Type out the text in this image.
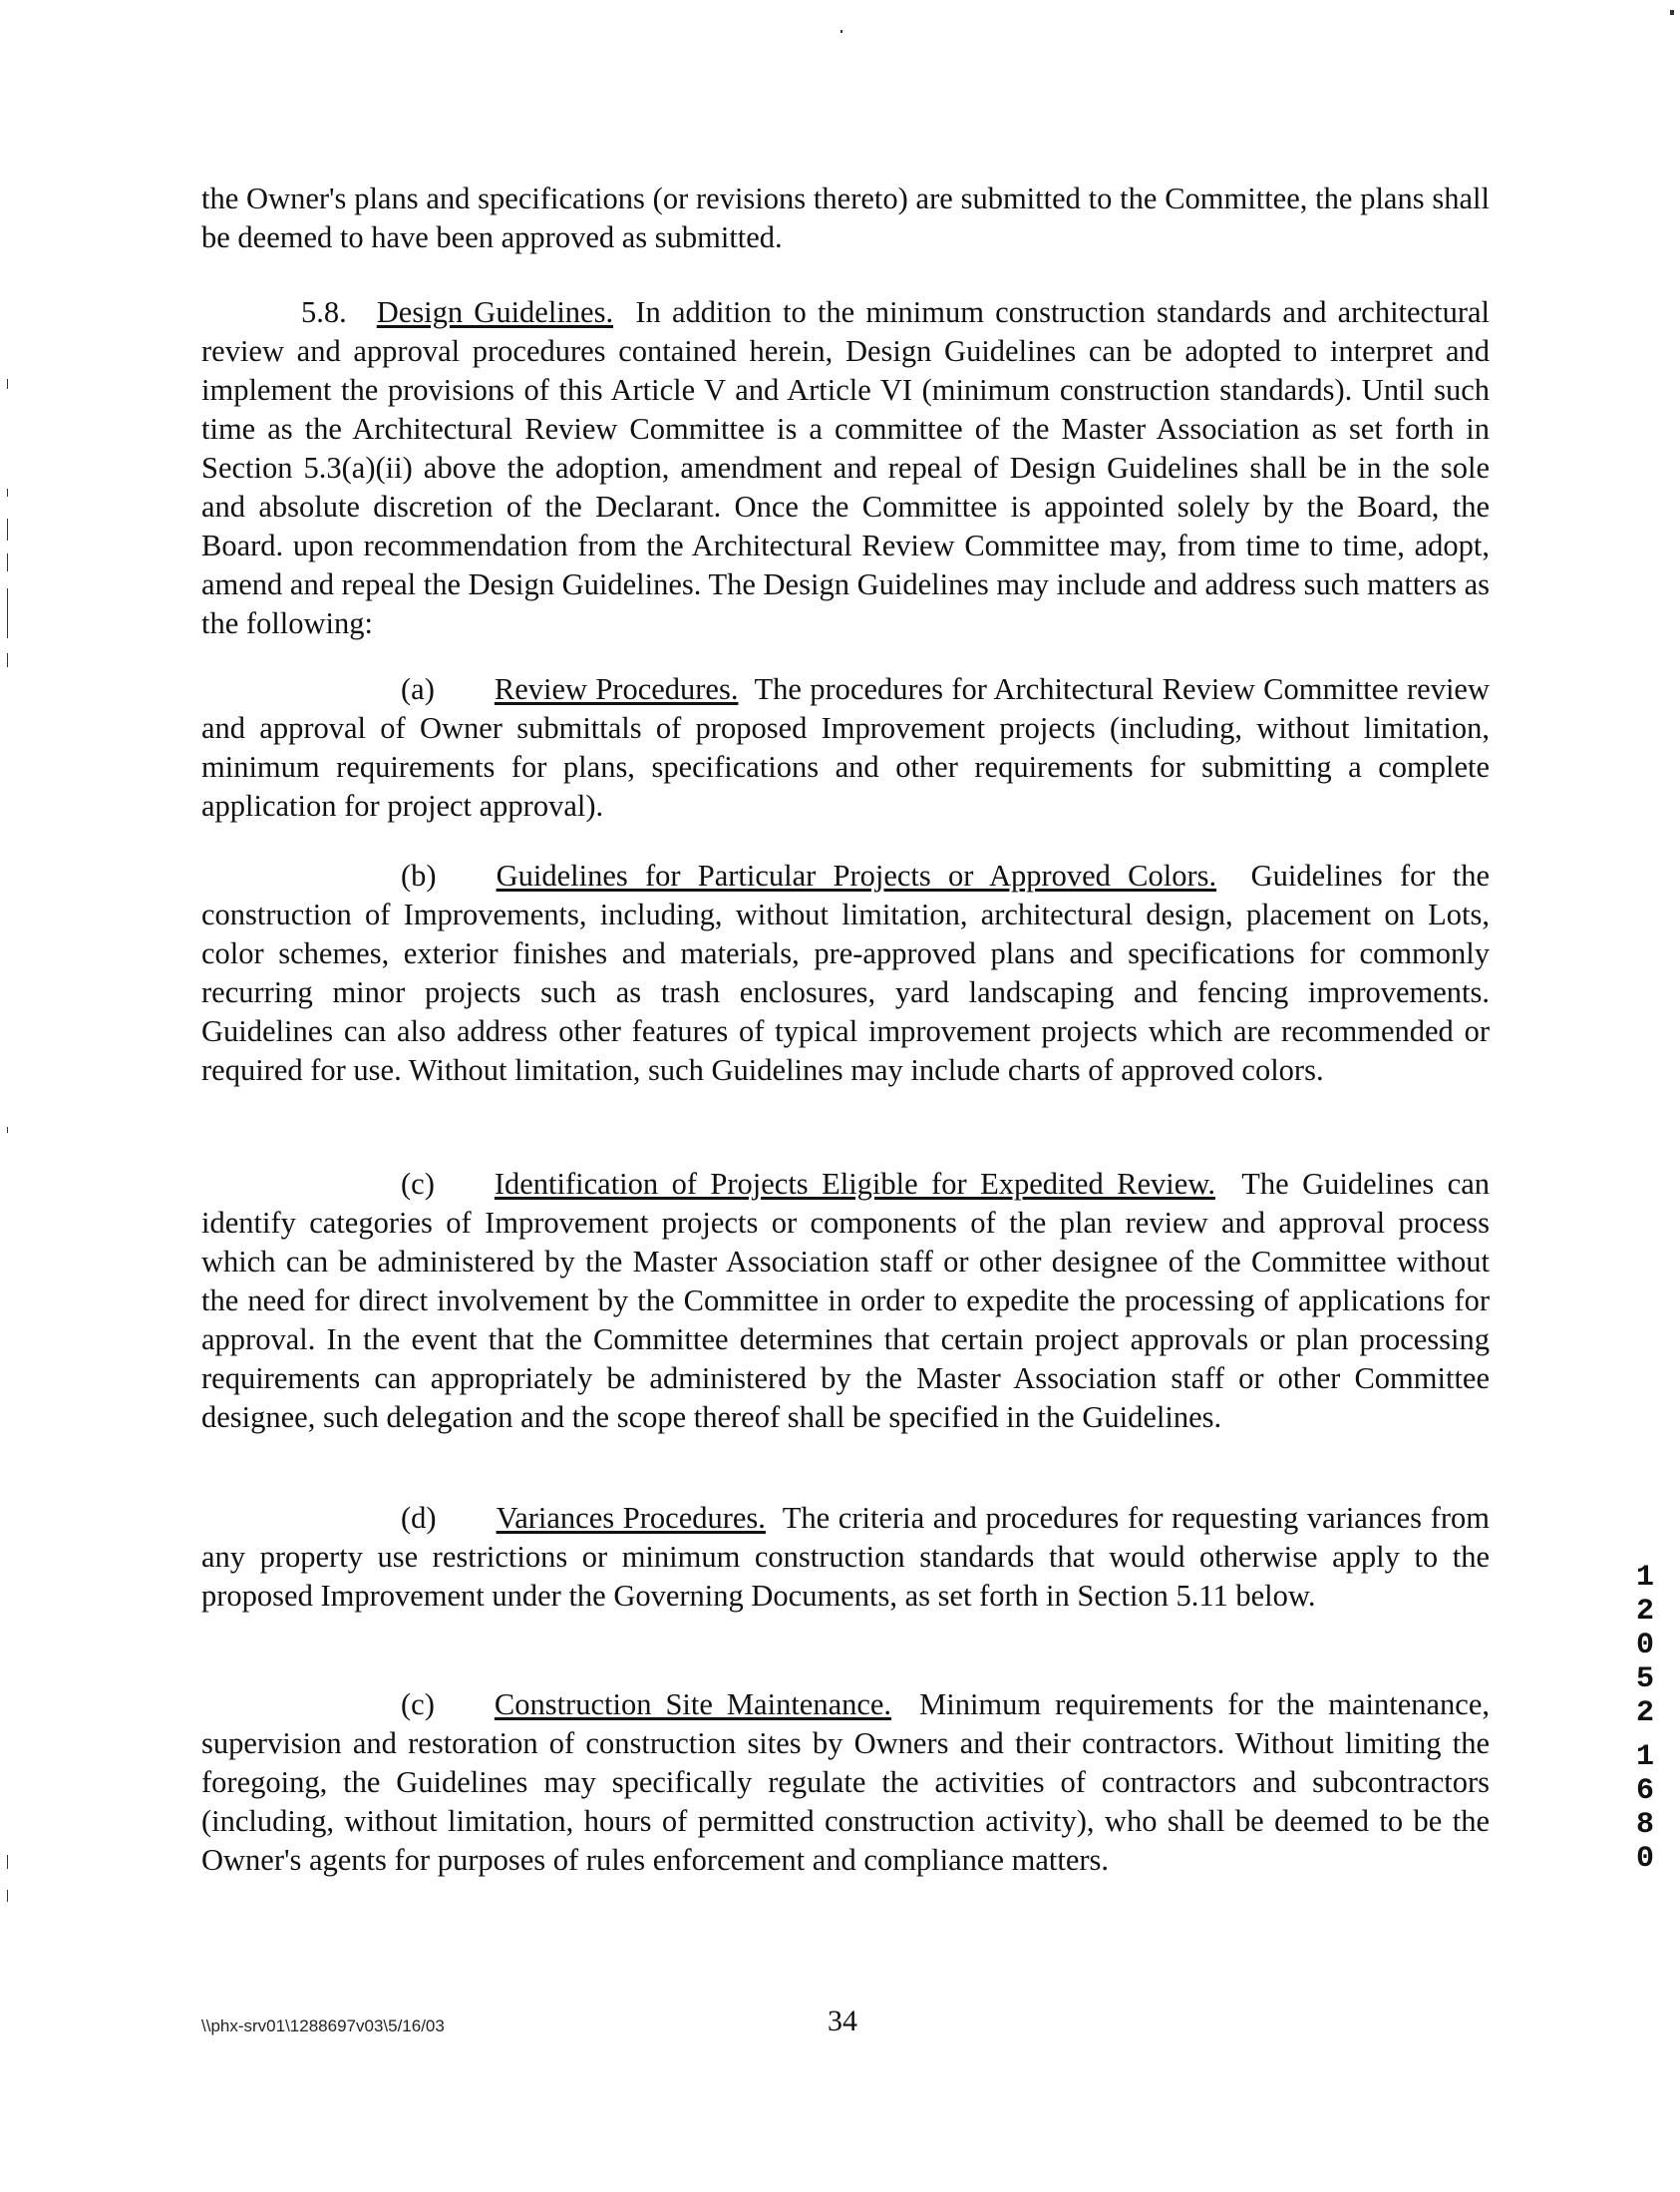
the Owner's plans and specifications (or revisions thereto) are submitted to the Committee, the plans shall be deemed to have been approved as submitted.

5.8. Design Guidelines. In addition to the minimum construction standards and architectural review and approval procedures contained herein, Design Guidelines can be adopted to interpret and implement the provisions of this Article V and Article VI (minimum construction standards). Until such time as the Architectural Review Committee is a committee of the Master Association as set forth in Section 5.3(a)(ii) above the adoption, amendment and repeal of Design Guidelines shall be in the sole and absolute discretion of the Declarant. Once the Committee is appointed solely by the Board, the Board. upon recommendation from the Architectural Review Committee may, from time to time, adopt, amend and repeal the Design Guidelines. The Design Guidelines may include and address such matters as the following:

(a) Review Procedures. The procedures for Architectural Review Committee review and approval of Owner submittals of proposed Improvement projects (including, without limitation, minimum requirements for plans, specifications and other requirements for submitting a complete application for project approval).

(b) Guidelines for Particular Projects or Approved Colors. Guidelines for the construction of Improvements, including, without limitation, architectural design, placement on Lots, color schemes, exterior finishes and materials, pre-approved plans and specifications for commonly recurring minor projects such as trash enclosures, yard landscaping and fencing improvements. Guidelines can also address other features of typical improvement projects which are recommended or required for use. Without limitation, such Guidelines may include charts of approved colors.

(c) Identification of Projects Eligible for Expedited Review. The Guidelines can identify categories of Improvement projects or components of the plan review and approval process which can be administered by the Master Association staff or other designee of the Committee without the need for direct involvement by the Committee in order to expedite the processing of applications for approval. In the event that the Committee determines that certain project approvals or plan processing requirements can appropriately be administered by the Master Association staff or other Committee designee, such delegation and the scope thereof shall be specified in the Guidelines.

(d) Variances Procedures. The criteria and procedures for requesting variances from any property use restrictions or minimum construction standards that would otherwise apply to the proposed Improvement under the Governing Documents, as set forth in Section 5.11 below.

(c) Construction Site Maintenance. Minimum requirements for the maintenance, supervision and restoration of construction sites by Owners and their contractors. Without limiting the foregoing, the Guidelines may specifically regulate the activities of contractors and subcontractors (including, without limitation, hours of permitted construction activity), who shall be deemed to be the Owner's agents for purposes of rules enforcement and compliance matters.

\\phx-srv01\1288697v03\5/16/03	34
1
2
0
5
2
1
6
8
0
